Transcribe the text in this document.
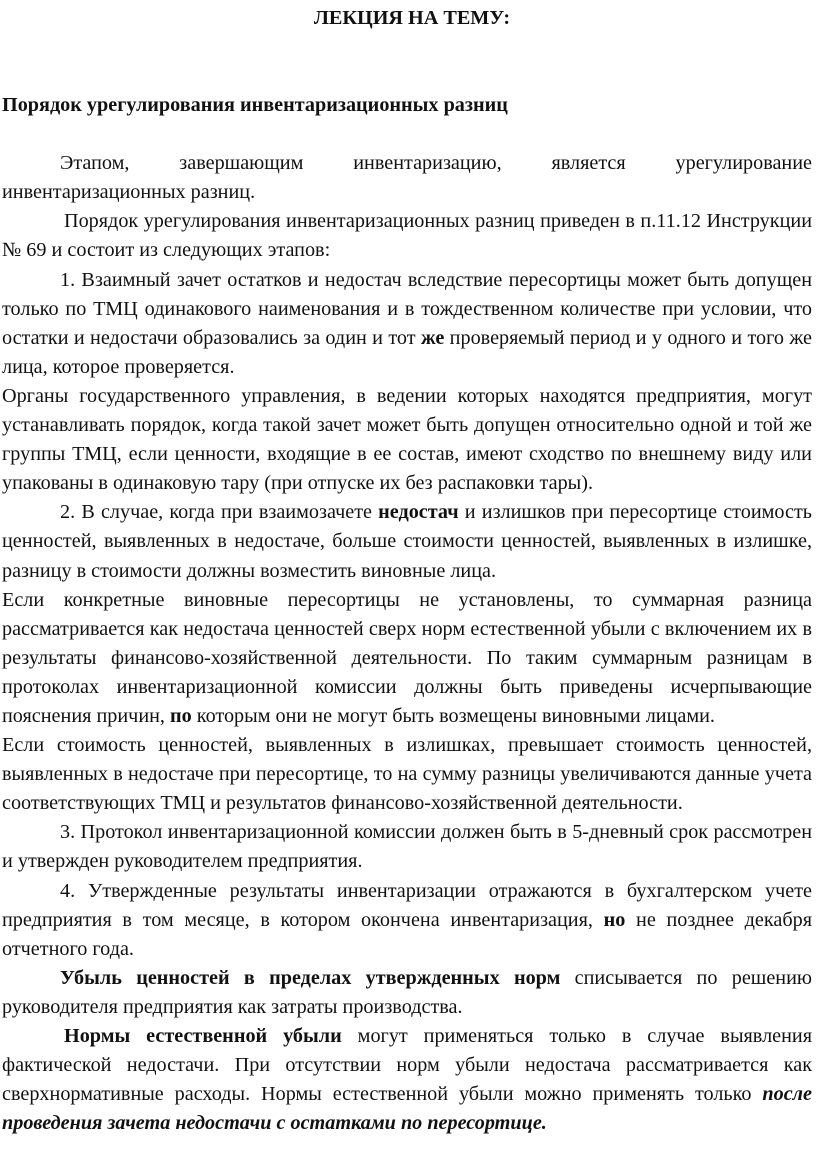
ЛЕКЦИЯ НА ТЕМУ:

Порядок урегулирования инвентаризационных разниц

Этапом, завершающим инвентаризацию, является урегулирование инвентаризационных разниц.

Порядок урегулирования инвентаризационных разниц приведен в п.11.12 Инструкции № 69 и состоит из следующих этапов:

1. Взаимный зачет остатков и недостач вследствие пересортицы может быть допущен только по ТМЦ одинакового наименования и в тождественном количестве при условии, что остатки и недостачи образовались за один и тот же проверяемый период и у одного и того же лица, которое проверяется.

Органы государственного управления, в ведении которых находятся предприятия, могут устанавливать порядок, когда такой зачет может быть допущен относительно одной и той же группы ТМЦ, если ценности, входящие в ее состав, имеют сходство по внешнему виду или упакованы в одинаковую тару (при отпуске их без распаковки тары).

2. В случае, когда при взаимозачете недостач и излишков при пересортице стоимость ценностей, выявленных в недостаче, больше стоимости ценностей, выявленных в излишке, разницу в стоимости должны возместить виновные лица.

Если конкретные виновные пересортицы не установлены, то суммарная разница рассматривается как недостача ценностей сверх норм естественной убыли с включением их в результаты финансово-хозяйственной деятельности. По таким суммарным разницам в протоколах инвентаризационной комиссии должны быть приведены исчерпывающие пояснения причин, по которым они не могут быть возмещены виновными лицами.

Если стоимость ценностей, выявленных в излишках, превышает стоимость ценностей, выявленных в недостаче при пересортице, то на сумму разницы увеличиваются данные учета соответствующих ТМЦ и результатов финансово-хозяйственной деятельности.

3. Протокол инвентаризационной комиссии должен быть в 5-дневный срок рассмотрен и утвержден руководителем предприятия.

4. Утвержденные результаты инвентаризации отражаются в бухгалтерском учете предприятия в том месяце, в котором окончена инвентаризация, но не позднее декабря отчетного года.

Убыль ценностей в пределах утвержденных норм списывается по решению руководителя предприятия как затраты производства.

Нормы естественной убыли могут применяться только в случае выявления фактической недостачи. При отсутствии норм убыли недостача рассматривается как сверхнормативные расходы. Нормы естественной убыли можно применять только после проведения зачета недостачи с остатками по пересортице.
